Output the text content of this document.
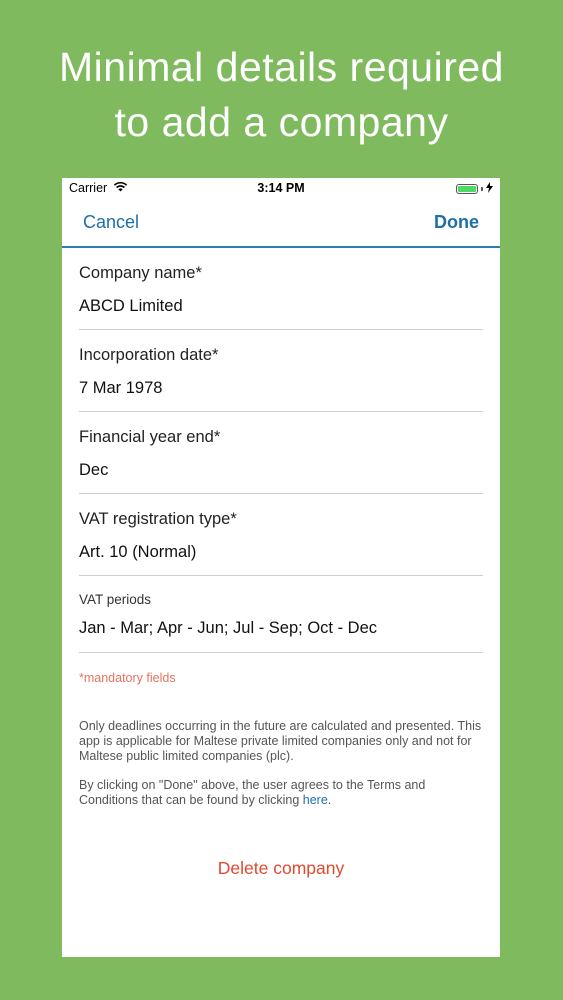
Minimal details required
to add a company
Carrier	3:14 PM
Cancel	Done
Company name*
ABCD Limited
Incorporation date*
7 Mar 1978
Financial year end*
Dec
VAT registration type*
Art. 10 (Normal)
VAT periods
Jan - Mar; Apr - Jun; Jul - Sep; Oct - Dec
*mandatory fields
Only deadlines occurring in the future are calculated and presented. This app is applicable for Maltese private limited companies only and not for Maltese public limited companies (plc).
By clicking on "Done" above, the user agrees to the Terms and Conditions that can be found by clicking here.
Delete company
